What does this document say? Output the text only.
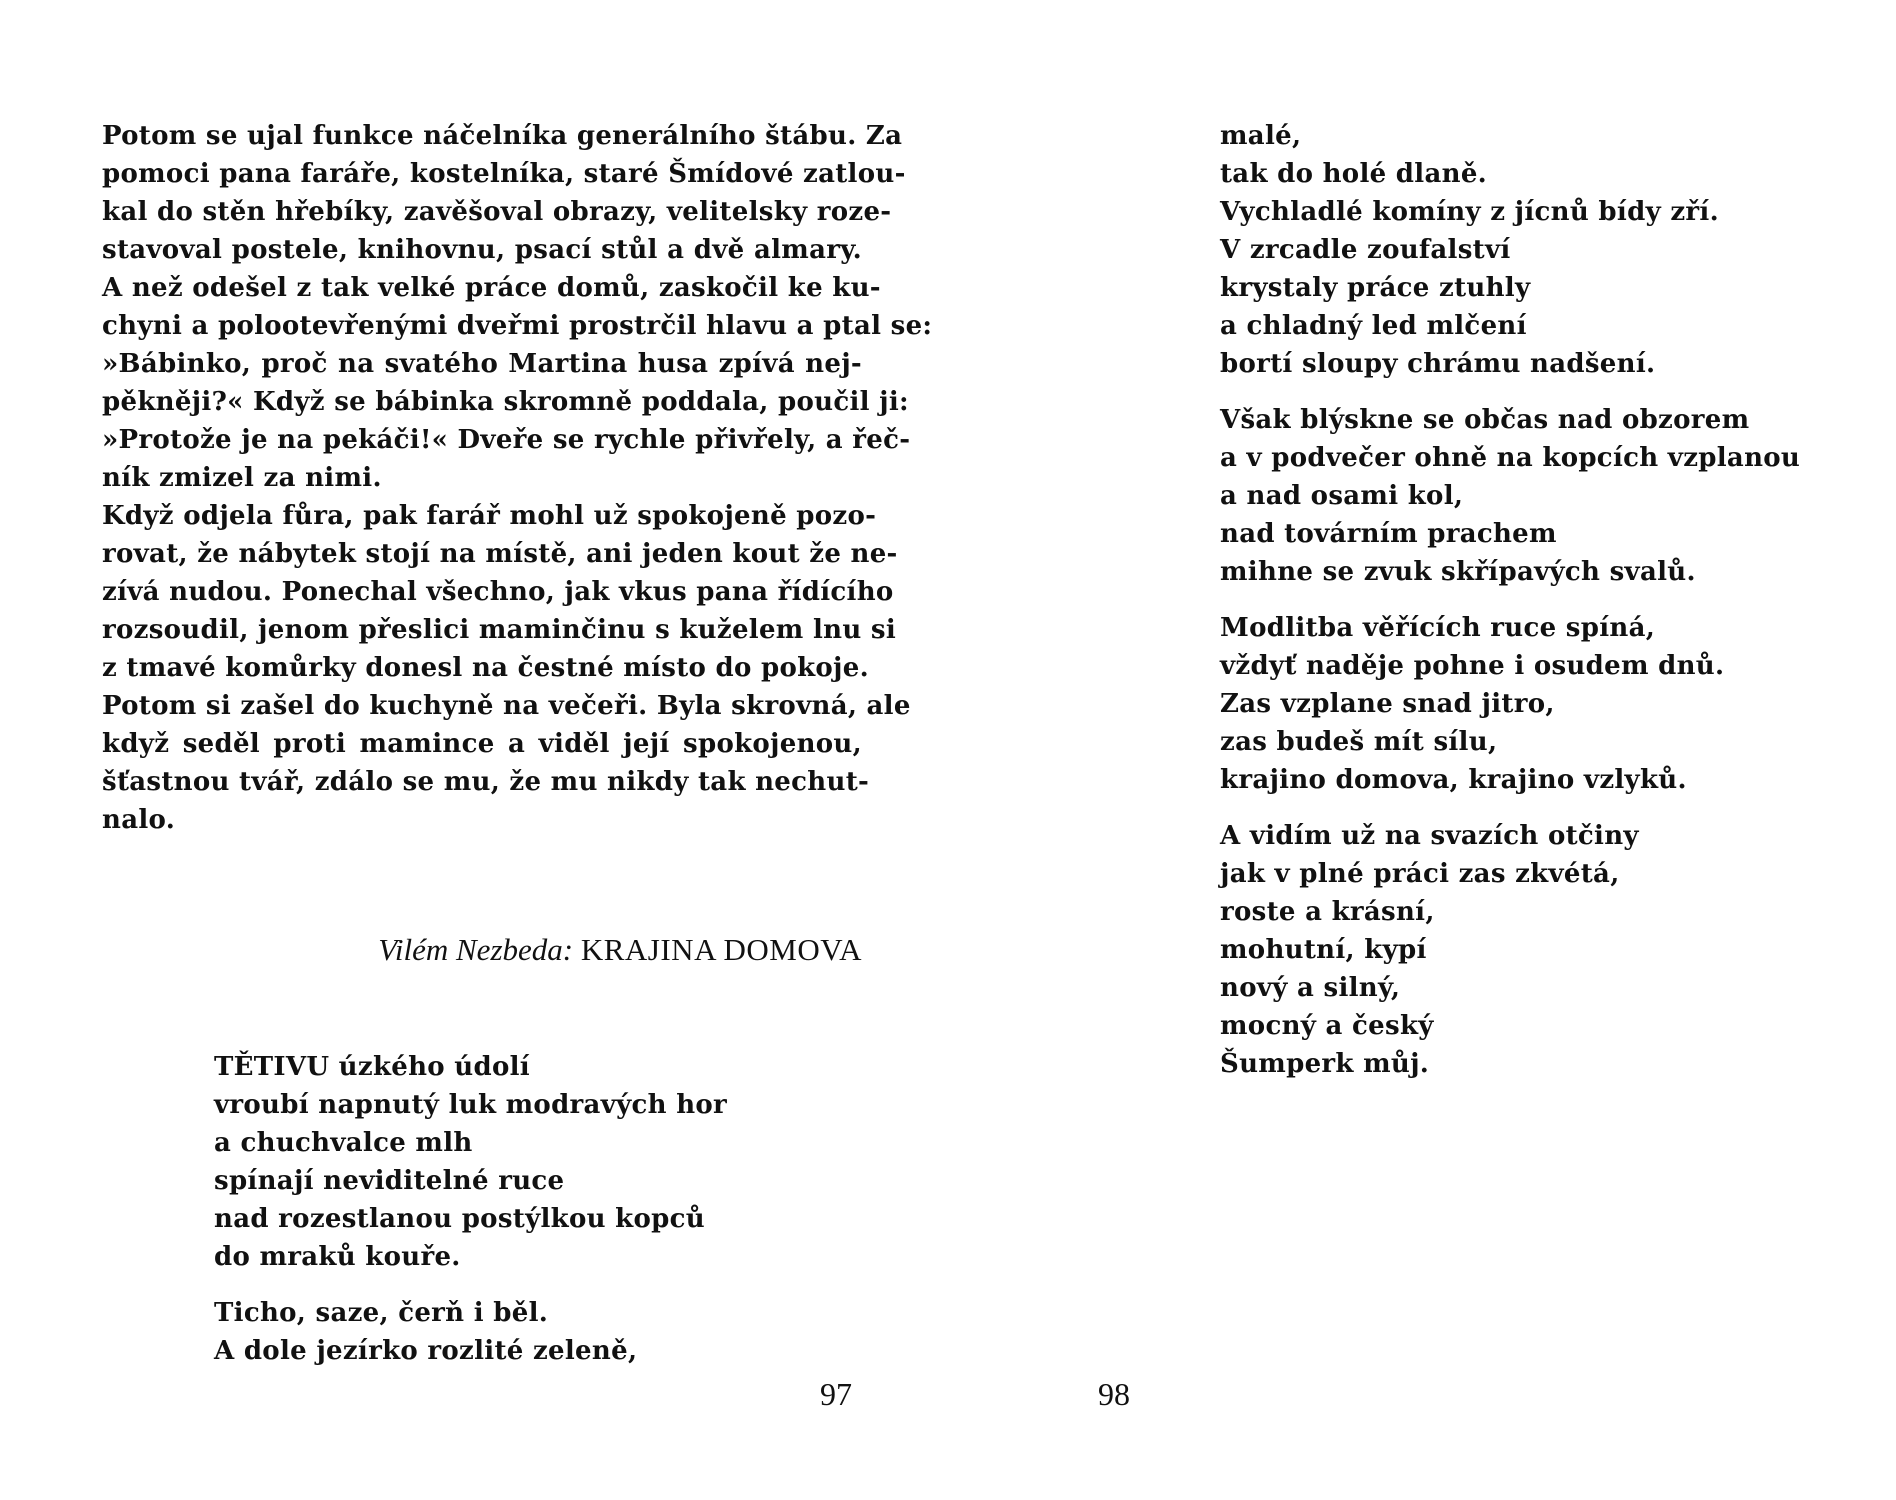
Potom se ujal funkce náčelníka generálního štábu. Za
pomoci pana faráře, kostelníka, staré Šmídové zatlou-
kal do stěn hřebíky, zavěšoval obrazy, velitelsky roze-
stavoval postele, knihovnu, psací stůl a dvě almary.
A než odešel z tak velké práce domů, zaskočil ke ku-
chyni a polootevřenými dveřmi prostrčil hlavu a ptal se:
»Bábinko, proč na svatého Martina husa zpívá nej-
pěkněji?« Když se bábinka skromně poddala, poučil ji:
»Protože je na pekáči!« Dveře se rychle přivřely, a řeč-
ník zmizel za nimi.
Když odjela fůra, pak farář mohl už spokojeně pozo-
rovat, že nábytek stojí na místě, ani jeden kout že ne-
zívá nudou. Ponechal všechno, jak vkus pana řídícího
rozsoudil, jenom přeslici maminčinu s kuželem lnu si
z tmavé komůrky donesl na čestné místo do pokoje.
Potom si zašel do kuchyně na večeři. Byla skrovná, ale
když seděl proti mamince a viděl její spokojenou,
šťastnou tvář, zdálo se mu, že mu nikdy tak nechut-
nalo.
Vilém Nezbeda: KRAJINA DOMOVA
TĚTIVU úzkého údolí
vroubí napnutý luk modravých hor
a chuchvalce mlh
spínají neviditelné ruce
nad rozestlanou postýlkou kopců
do mraků kouře.
Ticho, saze, čerň i běl.
A dole jezírko rozlité zeleně,
97
malé,
tak do holé dlaně.
Vychladlé komíny z jícnů bídy zří.
V zrcadle zoufalství
krystaly práce ztuhly
a chladný led mlčení
bortí sloupy chrámu nadšení.
Však blýskne se občas nad obzorem
a v podvečer ohně na kopcích vzplanou
a nad osami kol,
nad továrním prachem
mihne se zvuk skřípavých svalů.
Modlitba věřících ruce spíná,
vždyť naděje pohne i osudem dnů.
Zas vzplane snad jitro,
zas budeš mít sílu,
krajino domova, krajino vzlyků.
A vidím už na svazích otčiny
jak v plné práci zas zkvétá,
roste a krásní,
mohutní, kypí
nový a silný,
mocný a český
Šumperk můj.
98
